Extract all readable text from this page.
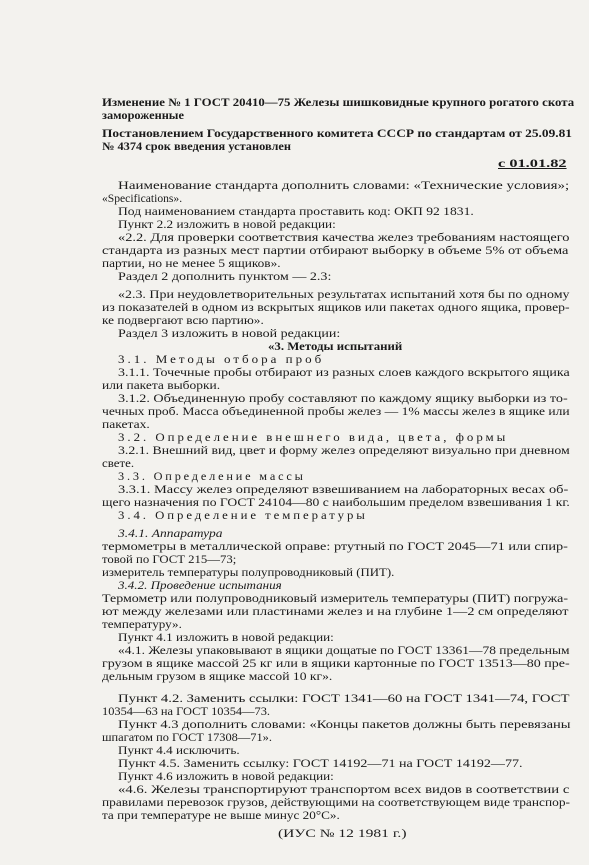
Изменение № 1 ГОСТ 20410—75 Железы шишковидные крупного рогатого скота
замороженные
Постановлением Государственного комитета СССР по стандартам от 25.09.81
№ 4374 срок введения установлен
с 01.01.82
Наименование стандарта дополнить словами: «Технические условия»;
«Specifications».
Под наименованием стандарта проставить код: ОКП 92 1831.
Пункт 2.2 изложить в новой редакции:
«2.2. Для проверки соответствия качества желез требованиям настоящего
стандарта из разных мест партии отбирают выборку в объеме 5% от объема
партии, но не менее 5 ящиков».
Раздел 2 дополнить пунктом — 2.3:
«2.3. При неудовлетворительных результатах испытаний хотя бы по одному
из показателей в одном из вскрытых ящиков или пакетах одного ящика, провер-
ке подвергают всю партию».
Раздел 3 изложить в новой редакции:
«3. Методы испытаний
3.1. Методы отбора проб
3.1.1. Точечные пробы отбирают из разных слоев каждого вскрытого ящика
или пакета выборки.
3.1.2. Объединенную пробу составляют по каждому ящику выборки из то-
чечных проб. Масса объединенной пробы желез — 1% массы желез в ящике или
пакетах.
3.2. Определение внешнего вида, цвета, формы
3.2.1. Внешний вид, цвет и форму желез определяют визуально при дневном
свете.
3.3. Определение массы
3.3.1. Массу желез определяют взвешиванием на лабораторных весах об-
щего назначения по ГОСТ 24104—80 с наибольшим пределом взвешивания 1 кг.
3.4. Определение температуры
3.4.1. Аппаратура
термометры в металлической оправе: ртутный по ГОСТ 2045—71 или спир-
товой по ГОСТ 215—73;
измеритель температуры полупроводниковый (ПИТ).
3.4.2. Проведение испытания
Термометр или полупроводниковый измеритель температуры (ПИТ) погружа-
ют между железами или пластинами желез и на глубине 1—2 см определяют
температуру».
Пункт 4.1 изложить в новой редакции:
«4.1. Железы упаковывают в ящики дощатые по ГОСТ 13361—78 предельным
грузом в ящике массой 25 кг или в ящики картонные по ГОСТ 13513—80 пре-
дельным грузом в ящике массой 10 кг».
Пункт 4.2. Заменить ссылки: ГОСТ 1341—60 на ГОСТ 1341—74, ГОСТ
10354—63 на ГОСТ 10354—73.
Пункт 4.3 дополнить словами: «Концы пакетов должны быть перевязаны
шпагатом по ГОСТ 17308—71».
Пункт 4.4 исключить.
Пункт 4.5. Заменить ссылку: ГОСТ 14192—71 на ГОСТ 14192—77.
Пункт 4.6 изложить в новой редакции:
«4.6. Железы транспортируют транспортом всех видов в соответствии с
правилами перевозок грузов, действующими на соответствующем виде транспор-
та при температуре не выше минус 20°С».
(ИУС № 12 1981 г.)
